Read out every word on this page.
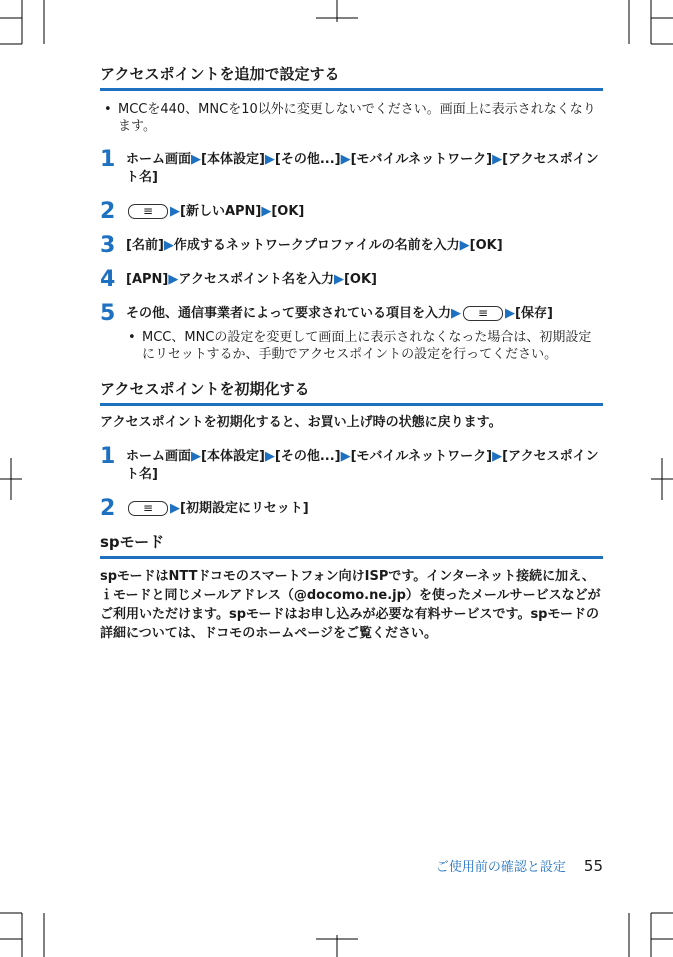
アクセスポイントを追加で設定する
• MCCを440、MNCを10以外に変更しないでください。画面上に表示されなくなります。
1 ホーム画面▶[本体設定]▶[その他...]▶[モバイルネットワーク]▶[アクセスポイント名]
2 ≡	▶[新しいAPN]▶[OK]
3 [名前]▶作成するネットワークプロファイルの名前を入力▶[OK]
4 [APN]▶アクセスポイント名を入力▶[OK]
5 その他、通信事業者によって要求されている項目を入力▶ ≡	▶[保存]
• MCC、MNCの設定を変更して画面上に表示されなくなった場合は、初期設定にリセットするか、手動でアクセスポイントの設定を行ってください。
アクセスポイントを初期化する
アクセスポイントを初期化すると、お買い上げ時の状態に戻ります。
1 ホーム画面▶[本体設定]▶[その他...]▶[モバイルネットワーク]▶[アクセスポイント名]
2 ≡	▶[初期設定にリセット]
spモード
spモードはNTTドコモのスマートフォン向けISPです。インターネット接続に加え、ｉモードと同じメールアドレス（@docomo.ne.jp）を使ったメールサービスなどがご利用いただけます。spモードはお申し込みが必要な有料サービスです。spモードの詳細については、ドコモのホームページをご覧ください。
ご使用前の確認と設定 55
